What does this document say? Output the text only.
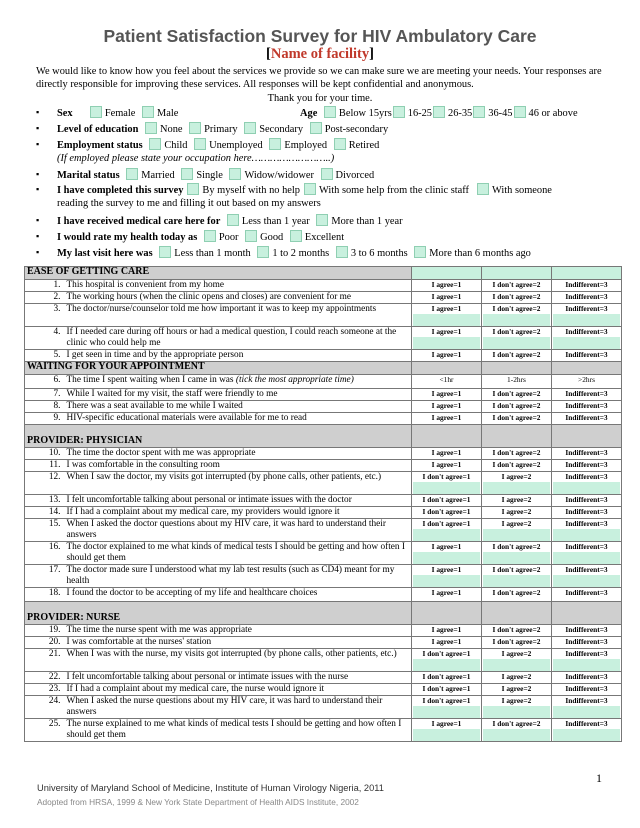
Patient Satisfaction Survey for HIV Ambulatory Care
[Name of facility]
We would like to know how you feel about the services we provide so we can make sure we are meeting your needs. Your responses are directly responsible for improving these services. All responses will be kept confidential and anonymous.
Thank you for your time.
▪ Sex	Female Male	Age Below 15yrs 16-25 26-35 36-45 46 or above
▪ Level of education None Primary Secondary Post-secondary
▪ Employment status Child Unemployed Employed Retired
(If employed please state your occupation here……………………..)
▪ Marital status Married Single Widow/widower Divorced
▪ I have completed this survey By myself with no help With some help from the clinic staff With someone
reading the survey to me and filling it out based on my answers
▪ I have received medical care here for Less than 1 year More than 1 year
▪ I would rate my health today as Poor Good Excellent
▪ My last visit here was Less than 1 month 1 to 2 months 3 to 6 months More than 6 months ago
EASE OF GETTING CARE				
1.	This hospital is convenient from my home	I agree=1	I don't agree=2	Indifferent=3

2.	The working hours (when the clinic opens and closes) are convenient for me	I agree=1	I don't agree=2	Indifferent=3

3.	The doctor/nurse/counselor told me how important it was to keep my appointments	I agree=1	I don't agree=2	Indifferent=3

4.	If I needed care during off hours or had a medical question, I could reach someone at the clinic who could help me	I agree=1	I don't agree=2	Indifferent=3

5.	I get seen in time and by the appropriate person	I agree=1	I don't agree=2	Indifferent=3

WAITING FOR YOUR APPOINTMENT				
6.	The time I spent waiting when I came in was (tick the most appropriate time)	<1hr	1-2hrs	>2hrs

7.	While I waited for my visit, the staff were friendly to me	I agree=1	I don't agree=2	Indifferent=3

8.	There was a seat available to me while I waited	I agree=1	I don't agree=2	Indifferent=3

9.	HIV-specific educational materials were available for me to read	I agree=1	I don't agree=2	Indifferent=3

PROVIDER: PHYSICIAN				
10.	The time the doctor spent with me was appropriate	I agree=1	I don't agree=2	Indifferent=3

11.	I was comfortable in the consulting room	I agree=1	I don't agree=2	Indifferent=3

12.	When I saw the doctor, my visits got interrupted (by phone calls, other patients, etc.)	I don't agree=1	I agree=2	Indifferent=3

13.	I felt uncomfortable talking about personal or intimate issues with the doctor	I don't agree=1	I agree=2	Indifferent=3

14.	If I had a complaint about my medical care, my providers would ignore it	I don't agree=1	I agree=2	Indifferent=3

15.	When I asked the doctor questions about my HIV care, it was hard to understand their answers	I don't agree=1	I agree=2	Indifferent=3

16.	The doctor explained to me what kinds of medical tests I should be getting and how often I should get them	I agree=1	I don't agree=2	Indifferent=3

17.	The doctor made sure I understood what my lab test results (such as CD4) meant for my health	I agree=1	I don't agree=2	Indifferent=3

18.	I found the doctor to be accepting of my life and healthcare choices	I agree=1	I don't agree=2	Indifferent=3

PROVIDER: NURSE				
19.	The time the nurse spent with me was appropriate	I agree=1	I don't agree=2	Indifferent=3

20.	I was comfortable at the nurses' station	I agree=1	I don't agree=2	Indifferent=3

21.	When I was with the nurse, my visits got interrupted (by phone calls, other patients, etc.)	I don't agree=1	I agree=2	Indifferent=3

22.	I felt uncomfortable talking about personal or intimate issues with the nurse	I don't agree=1	I agree=2	Indifferent=3

23.	If I had a complaint about my medical care, the nurse would ignore it	I don't agree=1	I agree=2	Indifferent=3

24.	When I asked the nurse questions about my HIV care, it was hard to understand their answers	I don't agree=1	I agree=2	Indifferent=3

25.	The nurse explained to me what kinds of medical tests I should be getting and how often I should get them	I agree=1	I don't agree=2	Indifferent=3
1
University of Maryland School of Medicine, Institute of Human Virology Nigeria, 2011
Adopted from HRSA, 1999 & New York State Department of Health AIDS Institute, 2002
